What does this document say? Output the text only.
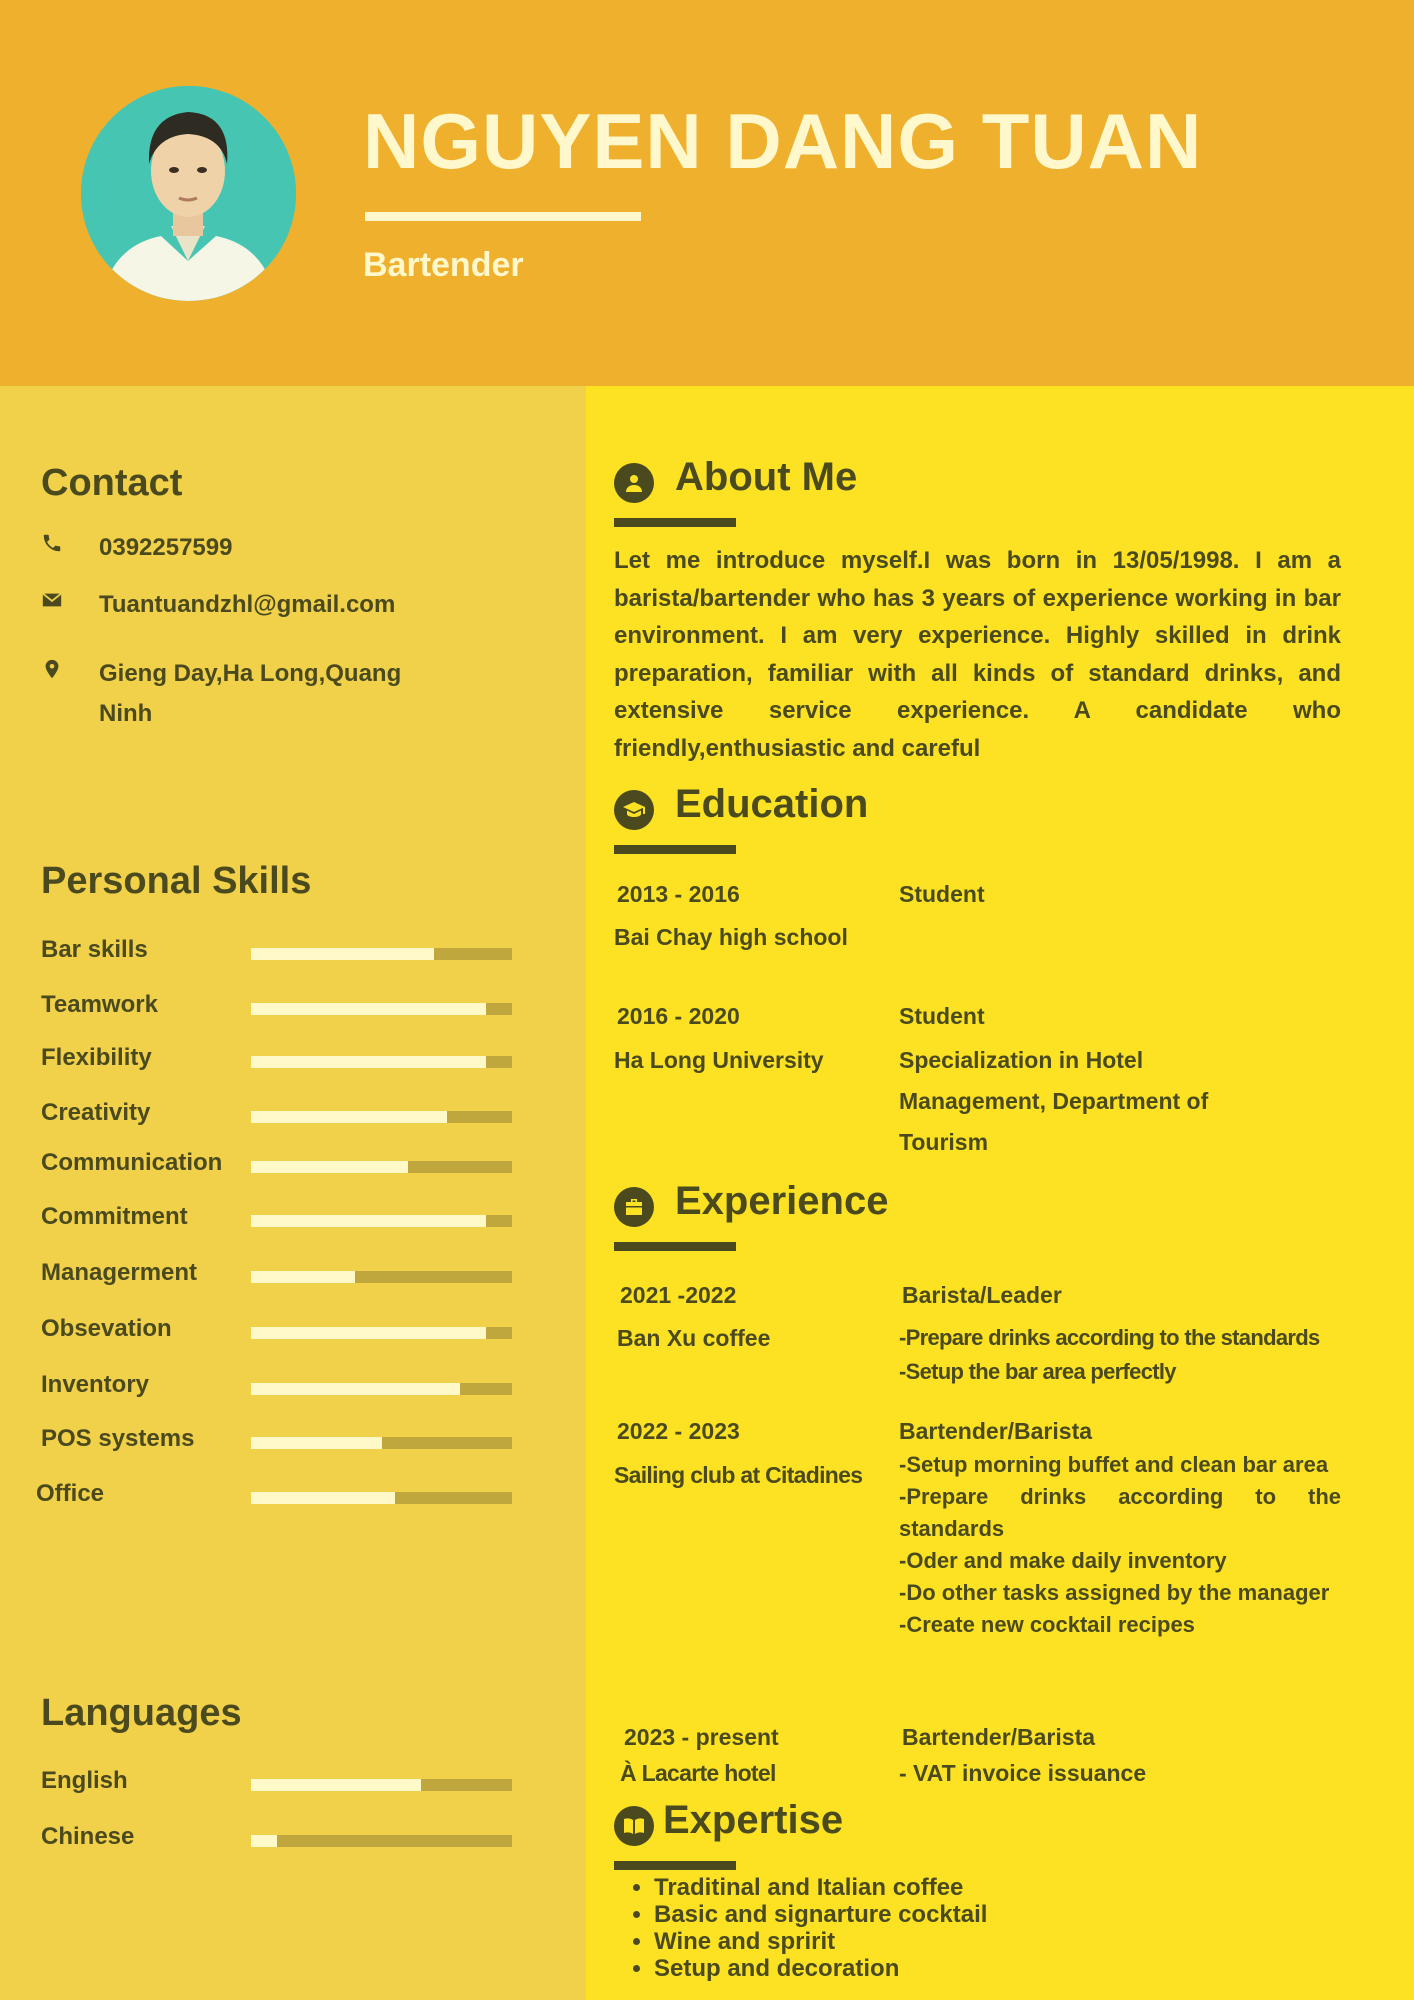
NGUYEN DANG TUAN
Bartender
Contact
0392257599
Tuantuandzhl@gmail.com
Gieng Day,Ha Long,Quang Ninh
Personal Skills
Bar skills
Teamwork
Flexibility
Creativity
Communication
Commitment
Managerment
Obsevation
Inventory
POS systems
Office
Languages
English
Chinese
About Me
Let me introduce myself.I was born in 13/05/1998. I am a barista/bartender who has 3 years of experience working in bar environment. I am very experience. Highly skilled in drink preparation, familiar with all kinds of standard drinks, and extensive service experience. A candidate who friendly,enthusiastic and careful
Education
2013 - 2016
Bai Chay high school
Student
2016 - 2020
Ha Long University
Student
Specialization in Hotel Management, Department of Tourism
Experience
2021 -2022
Ban Xu coffee
Barista/Leader
-Prepare drinks according to the standards
-Setup the bar area perfectly
2022 - 2023
Sailing club at Citadines
Bartender/Barista
-Setup morning buffet and clean bar area
-Prepare drinks according to the standards
-Oder and make daily inventory
-Do other tasks assigned by the manager
-Create new cocktail recipes
2023 - present
À Lacarte hotel
Bartender/Barista
- VAT invoice issuance
Expertise
• Traditinal and Italian coffee
• Basic and signarture cocktail
• Wine and spririt
• Setup and decoration
